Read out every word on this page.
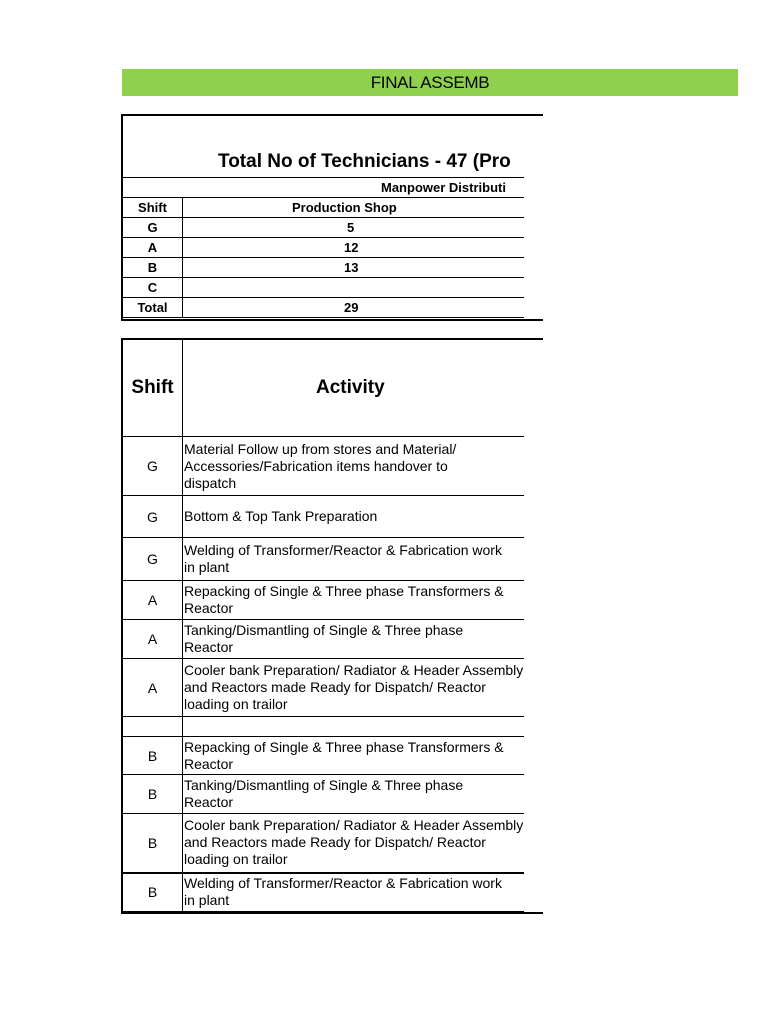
FINAL ASSEMB
Total No of Technicians - 47 (Pro	
Manpower Distributi	
Shift	Production Shop
G	5
A	12
B	13
C	
Total	29
Shift	Activity
G	Material Follow up from stores and Material/ Accessories/Fabrication items handover to dispatch

G	Bottom & Top Tank Preparation

G	Welding of Transformer/Reactor & Fabrication work in plant

A	Repacking of Single & Three phase Transformers & Reactor

A	Tanking/Dismantling of Single & Three phase Reactor

A	Cooler bank Preparation/ Radiator & Header Assembly and Reactors made Ready for Dispatch/ Reactor loading on trailor

B	Repacking of Single & Three phase Transformers & Reactor

B	Tanking/Dismantling of Single & Three phase Reactor

B	Cooler bank Preparation/ Radiator & Header Assembly and Reactors made Ready for Dispatch/ Reactor loading on trailor

B	Welding of Transformer/Reactor & Fabrication work in plant
